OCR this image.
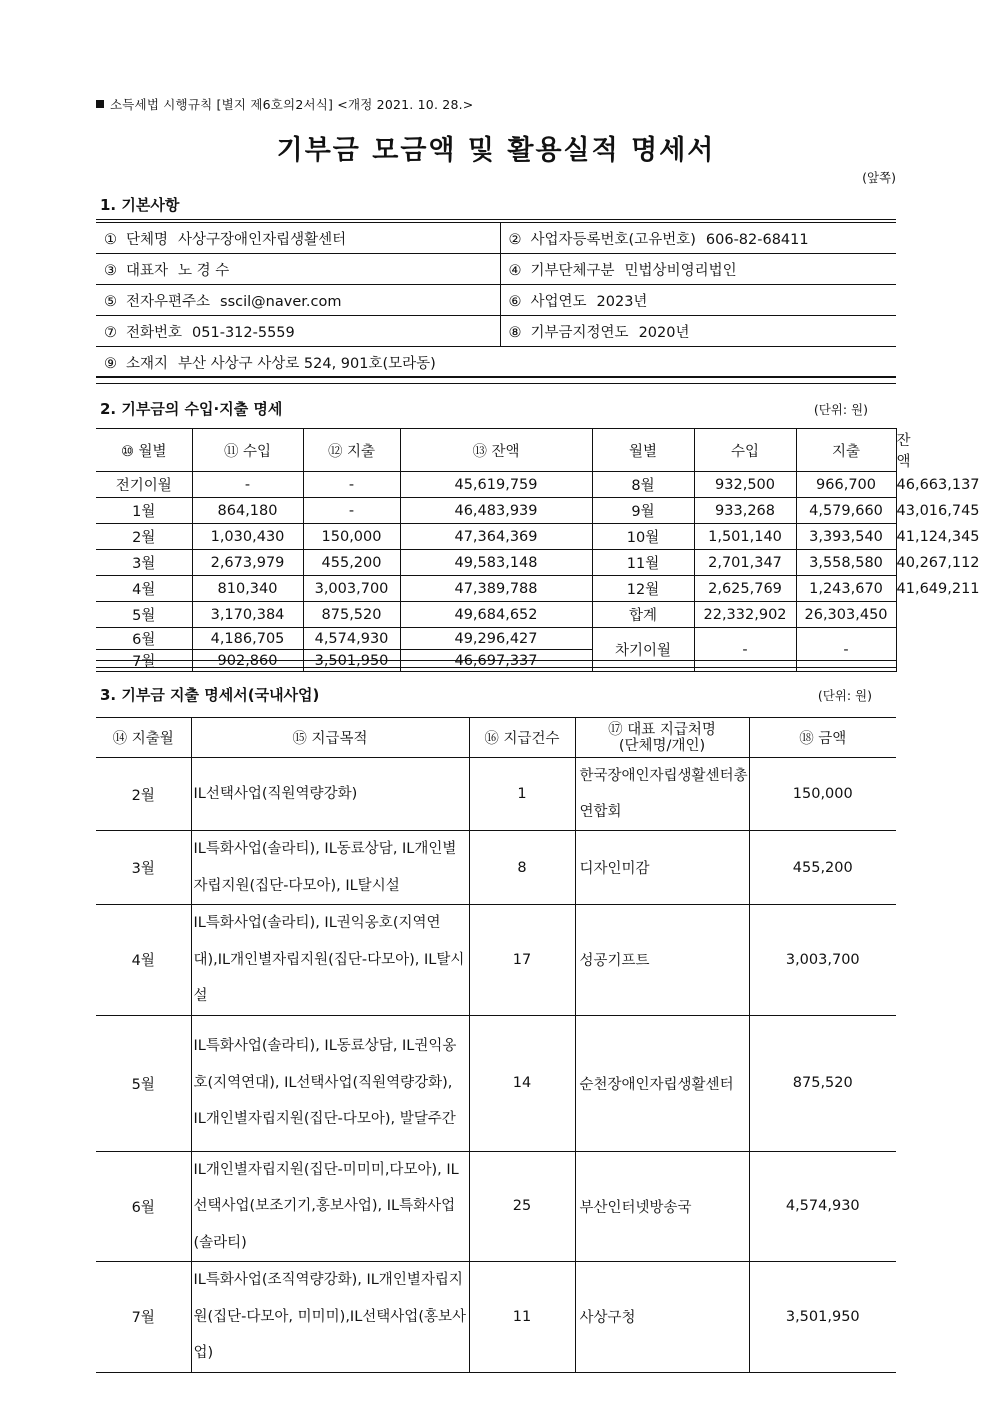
소득세법 시행규칙 [별지 제6호의2서식] <개정 2021. 10. 28.>
기부금 모금액 및 활용실적 명세서
(앞쪽)
1. 기본사항
① 단체명 사상구장애인자립생활센터	② 사업자등록번호(고유번호) 606-82-68411
③ 대표자 노 경 수	④ 기부단체구분 민법상비영리법인
⑤ 전자우편주소 sscil@naver.com	⑥ 사업연도 2023년
⑦ 전화번호 051-312-5559	⑧ 기부금지정연도 2020년
⑨ 소재지 부산 사상구 사상로 524, 901호(모라동)	
2. 기부금의 수입·지출 명세	(단위: 원)
⑩ 월별	⑪ 수입	⑫ 지출	⑬ 잔액	월별	수입	지출	잔액
전기이월	-	-	45,619,759	8월	932,500	966,700	46,663,137
1월	864,180	-	46,483,939	9월	933,268	4,579,660	43,016,745
2월	1,030,430	150,000	47,364,369	10월	1,501,140	3,393,540	41,124,345
3월	2,673,979	455,200	49,583,148	11월	2,701,347	3,558,580	40,267,112
4월	810,340	3,003,700	47,389,788	12월	2,625,769	1,243,670	41,649,211
5월	3,170,384	875,520	49,684,652	합계	22,332,902	26,303,450	
6월	4,186,705	4,574,930	49,296,427	차기이월	-	-	
7월	902,860	3,501,950	46,697,337				
3. 기부금 지출 명세서(국내사업)	(단위: 원)
⑭ 지출월	⑮ 지급목적	⑯ 지급건수	⑰ 대표 지급처명
(단체명/개인)	⑱ 금액
2월	IL선택사업(직원역량강화)	1	한국장애인자립생활센터총연합회	150,000
3월	IL특화사업(솔라티), IL동료상담, IL개인별자립지원(집단-다모아), IL탈시설	8	디자인미감	455,200
4월	IL특화사업(솔라티), IL권익옹호(지역연대),IL개인별자립지원(집단-다모아), IL탈시설	17	성공기프트	3,003,700
5월	IL특화사업(솔라티), IL동료상담, IL권익옹호(지역연대), IL선택사업(직원역량강화), IL개인별자립지원(집단-다모아), 발달주간	14	순천장애인자립생활센터	875,520
6월	IL개인별자립지원(집단-미미미,다모아), IL선택사업(보조기기,홍보사업), IL특화사업(솔라티)	25	부산인터넷방송국	4,574,930
7월	IL특화사업(조직역량강화), IL개인별자립지원(집단-다모아, 미미미),IL선택사업(홍보사업)	11	사상구청	3,501,950
